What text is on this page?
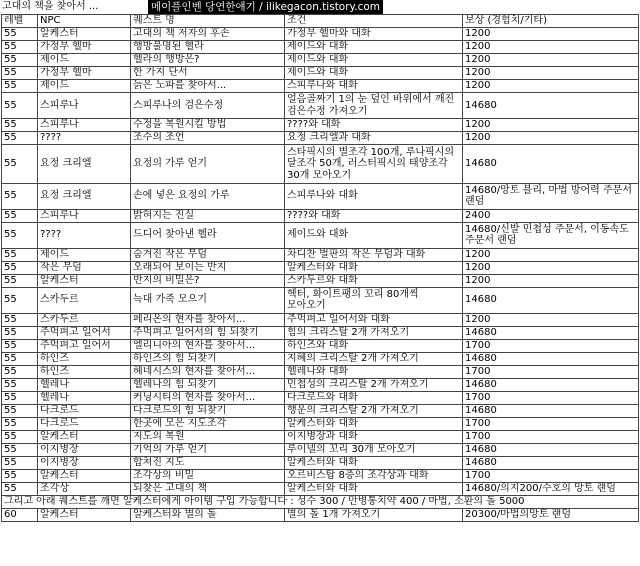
고대의 책을 찾아서 ...	메이플인벤 당연한얘기 / ilikegacon.tistory.com
레벨	NPC	퀘스트 명	조건	보상 (경험치/기타)
55	알케스터	고대의 책 저자의 후손	가정부 헬마와 대화	1200
55	가정부 헬마	행방불명된 헬라	제이드와 대화	1200
55	제이드	헬라의 행방은?	제이드와 대화	1200
55	가정부 헬마	한 가지 단서	제이드와 대화	1200
55	제이드	늙은 노파를 찾아서...	스피루나와 대화	1200
55	스피루나	스피루나의 검은수정	얼음골짜기 1의 눈 덮인 바위에서 깨진 검은수정 가져오기	14680
55	스피루나	수정을 복원시킬 방법	????와 대화	1200
55	????	조수의 조언	요정 크리엘과 대화	1200
55	요정 크리엘	요정의 가루 얻기	스타픽시의 별조각 100개, 루나픽시의 달조각 50개, 러스터픽시의 태양조각 30개 모아오기	14680
55	요정 크리엘	손에 넣은 요정의 가루	스피루나와 대화	14680/망토 블리, 마법 방어력 주문서 랜덤
55	스피루나	밝혀지는 진실	????와 대화	2400
55	????	드디어 찾아낸 헬라	제이드와 대화	14680/신발 민첩성 주문서, 이동속도 주문서 랜덤
55	제이드	숨겨진 작은 무덤	차디찬 벌판의 작은 무덤과 대화	1200
55	작은 무덤	오래되어 보이는 반지	알케스터와 대화	1200
55	알케스터	반지의 비밀은?	스카두르와 대화	1200
55	스카두르	늑대 가죽 모으기	헥터, 화이트팽의 꼬리 80개씩 모아오기	14680
55	스카두르	페리온의 현자를 찾아서...	주먹펴고 일어서와 대화	1200
55	주먹펴고 일어서	주먹펴고 일어서의 힘 되찾기	힘의 크리스탈 2개 가져오기	14680
55	주먹펴고 일어서	엘리니아의 현자를 찾아서...	하인즈와 대화	1700
55	하인즈	하인즈의 힘 되찾기	지혜의 크리스탈 2개 가져오기	14680
55	하인즈	헤네시스의 현자를 찾아서...	헬레나와 대화	1700
55	헬레나	헬레나의 힘 되찾기	민첩성의 크리스탈 2개 가져오기	14680
55	헬레나	커닝시티의 현자를 찾아서...	다크로드와 대화	1700
55	다크로드	다크로드의 힘 되찾기	행운의 크리스탈 2개 가져오기	14680
55	다크로드	한곳에 모은 지도조각	알케스터와 대화	1700
55	알케스터	지도의 복원	이지병장과 대화	1700
55	이지병장	기억의 가루 얻기	루이넬의 꼬리 30개 모아오기	14680
55	이지병장	합쳐진 지도	알케스터와 대화	14680
55	알케스터	조각상의 비밀	오르비스탑 8층의 조각상과 대화	1700
55	조각상	되찾은 고대의 책	알케스터와 대화	14680/의지200/수호의 망토 랜덤
그리고 아래 퀘스트를 깨면 알케스터에게 아이템 구입 가능합니다 : 성수 300 / 만병통치약 400 / 마법, 소환의 돌 5000				
60	알케스터	알케스터와 별의 돌	별의 돌 1개 가져오기	20300/마법의망토 랜덤
